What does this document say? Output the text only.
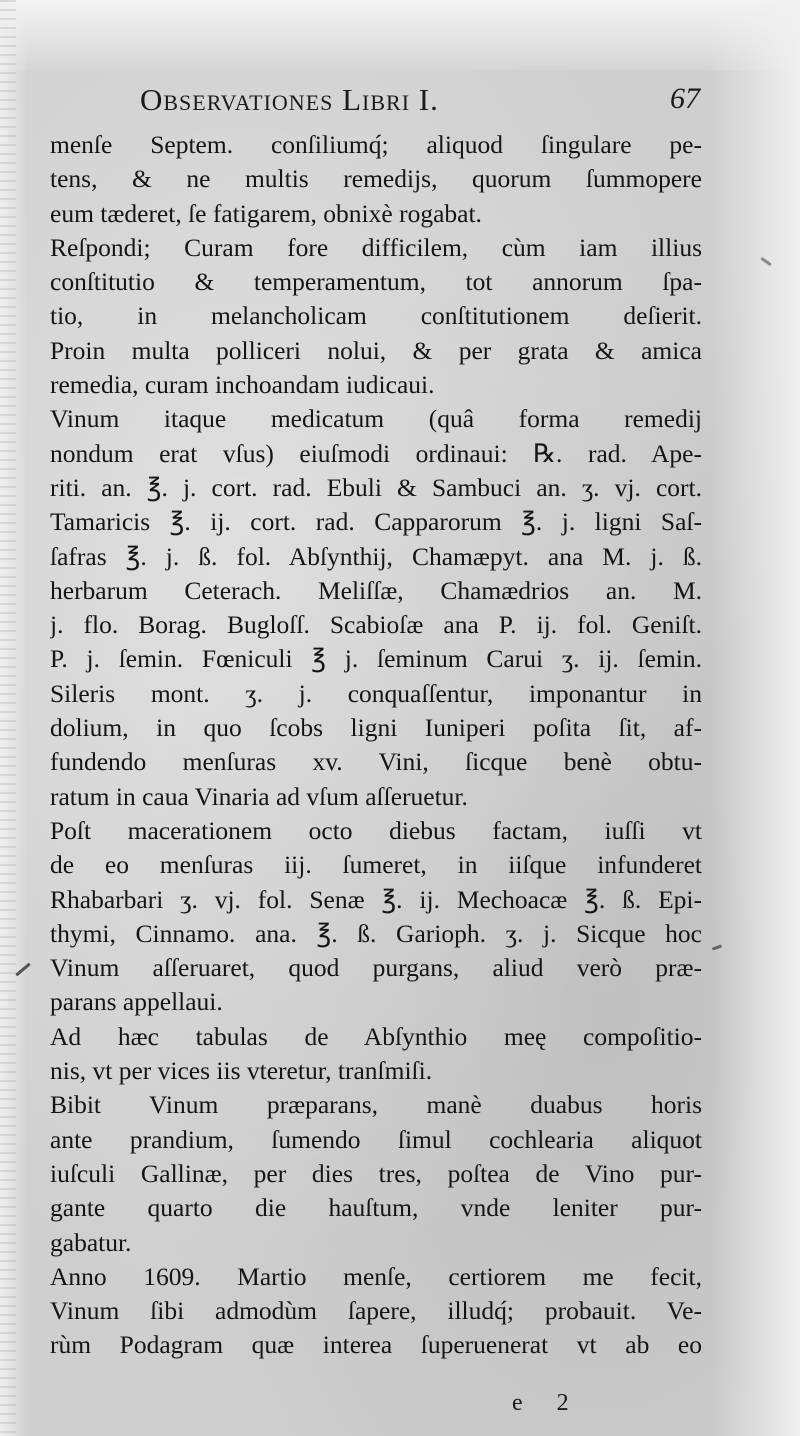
Observationes Libri I.	67
menſe Septem. conſiliumq́; aliquod ſingulare pe-
tens, & ne multis remedijs, quorum ſummopere
eum tæderet, ſe fatigarem, obnixè rogabat.
Reſpondi; Curam fore difficilem, cùm iam illius
conſtitutio & temperamentum, tot annorum ſpa-
tio, in melancholicam conſtitutionem deſierit.
Proin multa polliceri nolui, & per grata & amica
remedia, curam inchoandam iudicaui.
Vinum itaque medicatum (quâ forma remedij
nondum erat vſus) eiuſmodi ordinaui: ℞. rad. Ape-
riti. an. ℥. j. cort. rad. Ebuli & Sambuci an. ʒ. vj. cort.
Tamaricis ℥. ij. cort. rad. Capparorum ℥. j. ligni Saſ-
ſafras ℥. j. ß. fol. Abſynthij, Chamæpyt. ana M. j. ß.
herbarum Ceterach. Meliſſæ, Chamædrios an. M.
j. flo. Borag. Bugloſſ. Scabioſæ ana P. ij. fol. Geniſt.
P. j. ſemin. Fœniculi ℥ j. ſeminum Carui ʒ. ij. ſemin.
Sileris mont. ʒ. j. conquaſſentur, imponantur in
dolium, in quo ſcobs ligni Iuniperi poſita ſit, af-
fundendo menſuras xv. Vini, ſicque benè obtu-
ratum in caua Vinaria ad vſum aſſeruetur.
Poſt macerationem octo diebus factam, iuſſi vt
de eo menſuras iij. ſumeret, in iiſque infunderet
Rhabarbari ʒ. vj. fol. Senæ ℥. ij. Mechoacæ ℥. ß. Epi-
thymi, Cinnamo. ana. ℥. ß. Garioph. ʒ. j. Sicque hoc
Vinum aſſeruaret, quod purgans, aliud verò præ-
parans appellaui.
Ad hæc tabulas de Abſynthio meę compoſitio-
nis, vt per vices iis vteretur, tranſmiſi.
Bibit Vinum præparans, manè duabus horis
ante prandium, ſumendo ſimul cochlearia aliquot
iuſculi Gallinæ, per dies tres, poſtea de Vino pur-
gante quarto die hauſtum, vnde leniter pur-
gabatur.
Anno 1609. Martio menſe, certiorem me fecit,
Vinum ſibi admodùm ſapere, illudq́; probauit. Ve-
rùm Podagram quæ interea ſuperuenerat vt ab eo
e 2
